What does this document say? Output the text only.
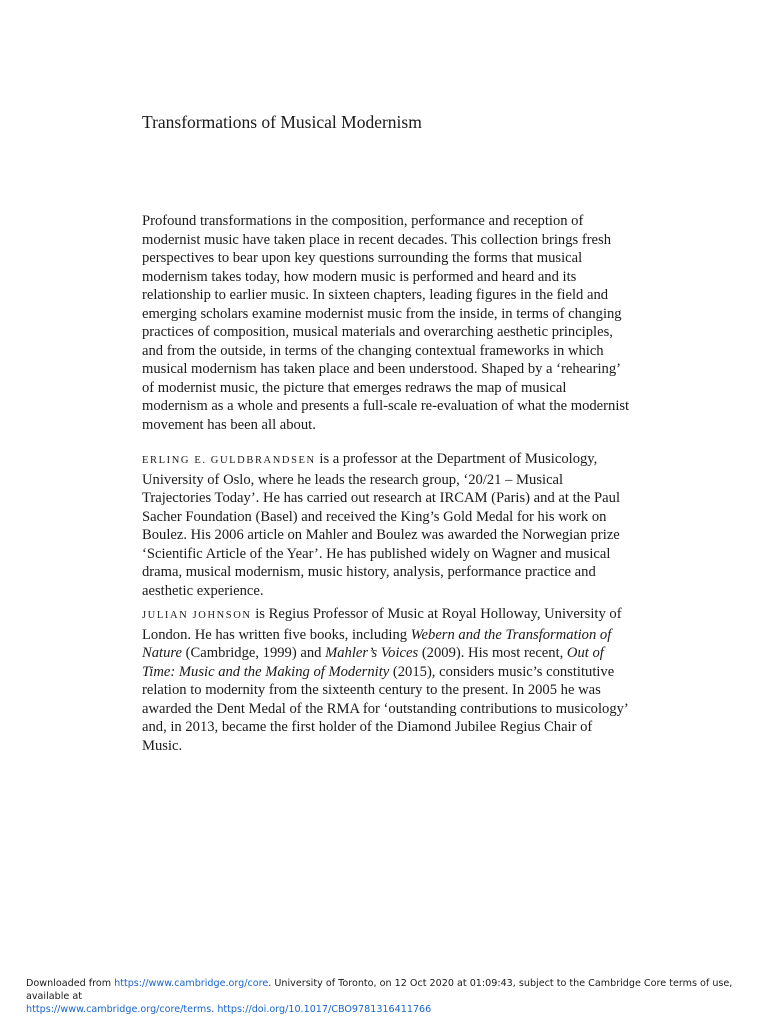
Transformations of Musical Modernism

Profound transformations in the composition, performance and reception of modernist music have taken place in recent decades. This collection brings fresh perspectives to bear upon key questions surrounding the forms that musical modernism takes today, how modern music is performed and heard and its relationship to earlier music. In sixteen chapters, leading figures in the field and emerging scholars examine modernist music from the inside, in terms of changing practices of composition, musical materials and overarching aesthetic principles, and from the outside, in terms of the changing contextual frameworks in which musical modernism has taken place and been understood. Shaped by a ‘rehearing’ of modernist music, the picture that emerges redraws the map of musical modernism as a whole and presents a full-scale re-evaluation of what the modernist movement has been all about.

ERLING E. GULDBRANDSEN is a professor at the Department of Musicology, University of Oslo, where he leads the research group, ‘20/21 – Musical Trajectories Today’. He has carried out research at IRCAM (Paris) and at the Paul Sacher Foundation (Basel) and received the King’s Gold Medal for his work on Boulez. His 2006 article on Mahler and Boulez was awarded the Norwegian prize ‘Scientific Article of the Year’. He has published widely on Wagner and musical drama, musical modernism, music history, analysis, performance practice and aesthetic experience.

JULIAN JOHNSON is Regius Professor of Music at Royal Holloway, University of London. He has written five books, including Webern and the Transformation of Nature (Cambridge, 1999) and Mahler’s Voices (2009). His most recent, Out of Time: Music and the Making of Modernity (2015), considers music’s constitutive relation to modernity from the sixteenth century to the present. In 2005 he was awarded the Dent Medal of the RMA for ‘outstanding contributions to musicology’ and, in 2013, became the first holder of the Diamond Jubilee Regius Chair of Music.

Downloaded from https://www.cambridge.org/core. University of Toronto, on 12 Oct 2020 at 01:09:43, subject to the Cambridge Core terms of use, available at
https://www.cambridge.org/core/terms. https://doi.org/10.1017/CBO9781316411766
